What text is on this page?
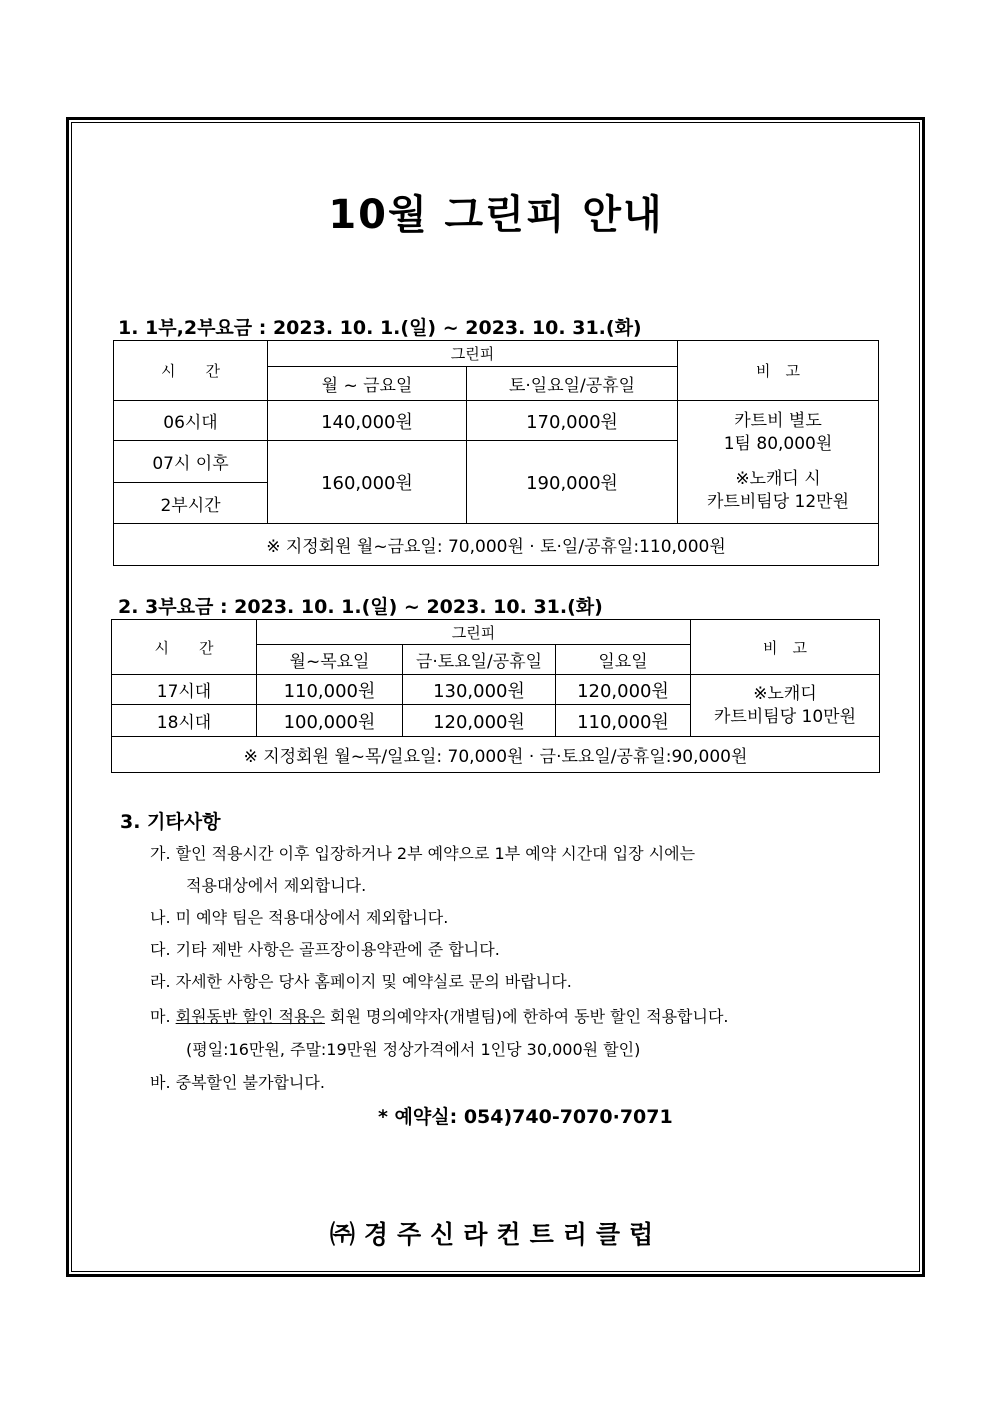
10월 그린피 안내
1. 1부,2부요금 : 2023. 10. 1.(일) ~ 2023. 10. 31.(화)
시　　간	그린피		비　고
	월 ~ 금요일	토·일요일/공휴일	
06시대	140,000원	170,000원	카트비 별도
1팀 80,000원
※노캐디 시
카트비팀당 12만원

07시 이후	160,000원	190,000원	
2부시간			
※ 지정회원 월~금요일: 70,000원 · 토·일/공휴일:110,000원			
2. 3부요금 : 2023. 10. 1.(일) ~ 2023. 10. 31.(화)
시　　간	그린피			비　고
	월~목요일	금·토요일/공휴일	일요일	
17시대	110,000원	130,000원	120,000원	※노캐디
카트비팀당 10만원

18시대	100,000원	120,000원	110,000원	
※ 지정회원 월~목/일요일: 70,000원 · 금·토요일/공휴일:90,000원				
3. 기타사항
가. 할인 적용시간 이후 입장하거나 2부 예약으로 1부 예약 시간대 입장 시에는
적용대상에서 제외합니다.
나. 미 예약 팀은 적용대상에서 제외합니다.
다. 기타 제반 사항은 골프장이용약관에 준 합니다.
라. 자세한 사항은 당사 홈페이지 및 예약실로 문의 바랍니다.
마. 회원동반 할인 적용은 회원 명의예약자(개별팀)에 한하여 동반 할인 적용합니다.
(평일:16만원, 주말:19만원 정상가격에서 1인당 30,000원 할인)
바. 중복할인 불가합니다.
* 예약실: 054)740-7070·7071
㈜경주신라컨트리클럽
